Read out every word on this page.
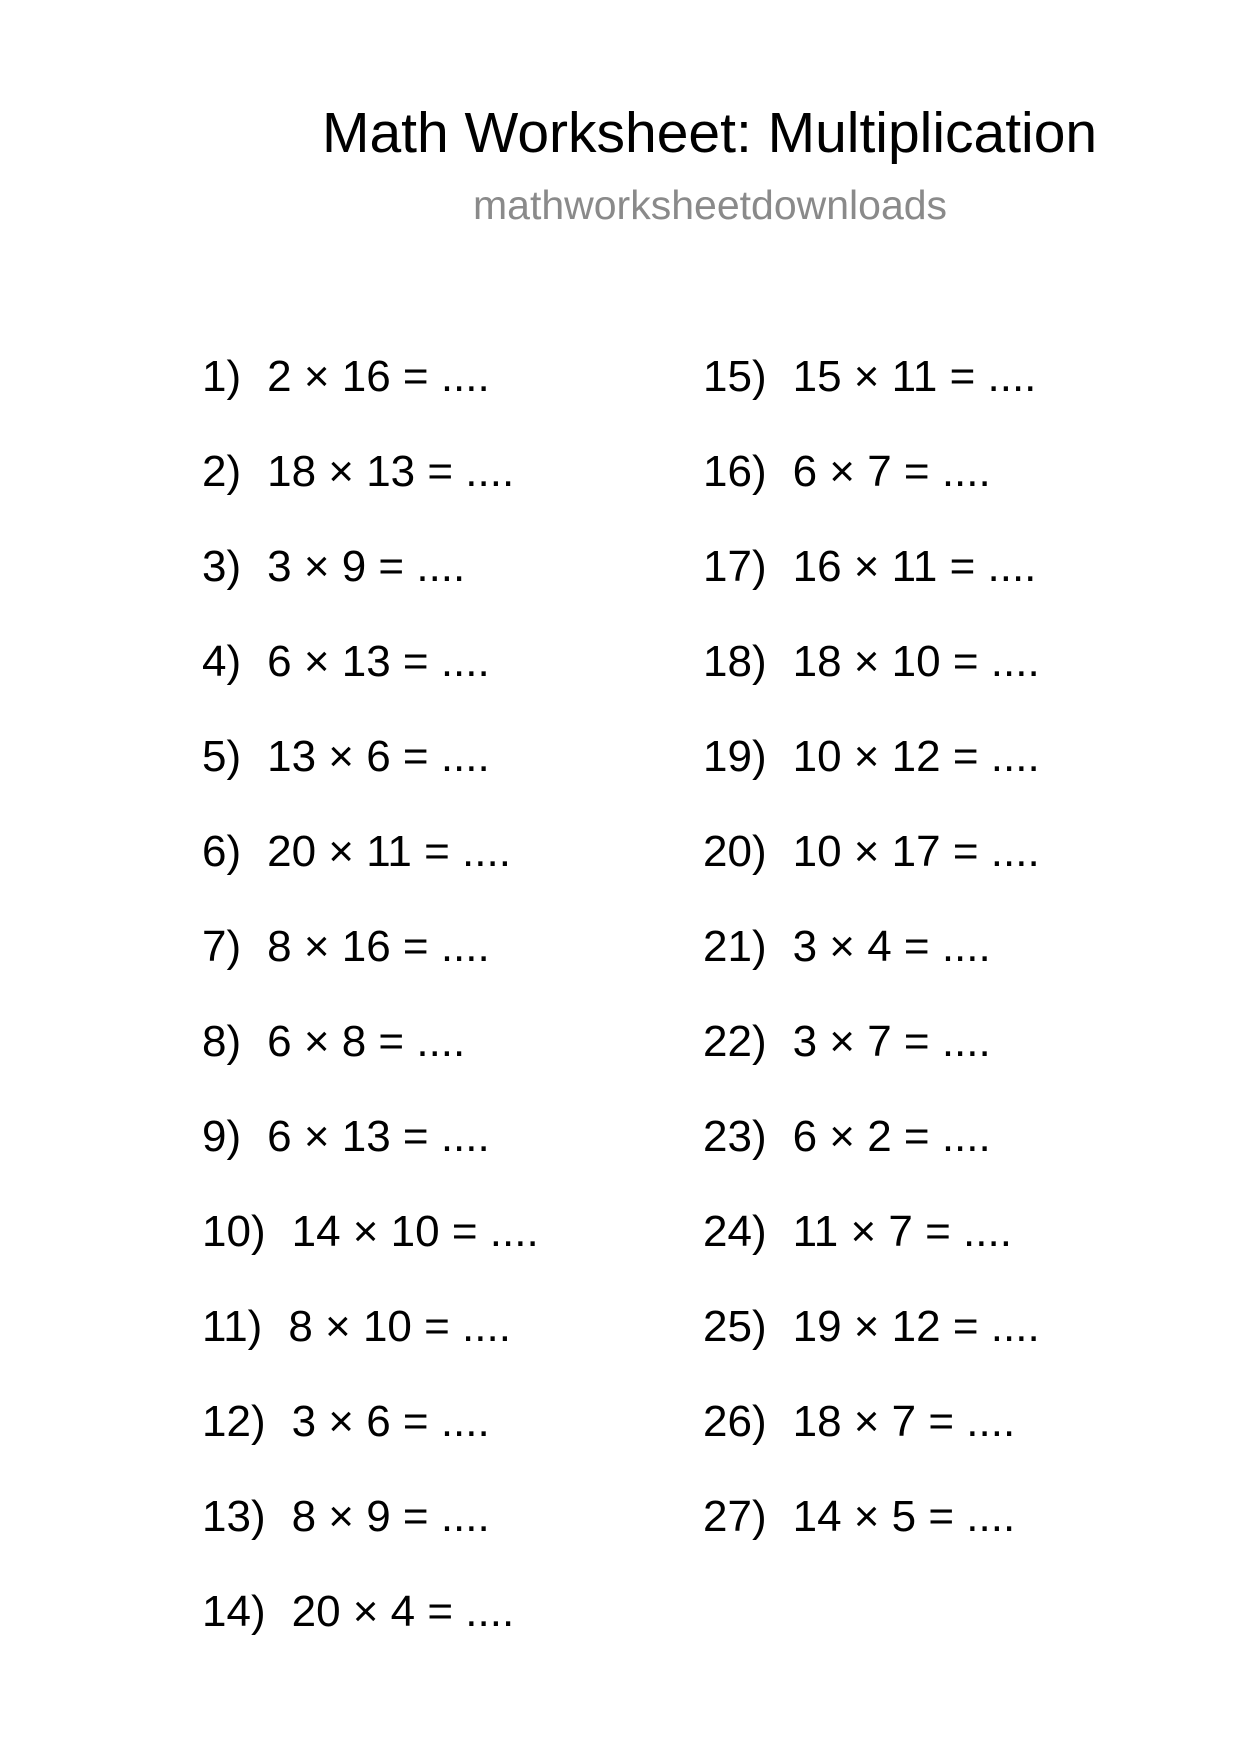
Math Worksheet: Multiplication
mathworksheetdownloads
1) 2 × 16 = ....
2) 18 × 13 = ....
3) 3 × 9 = ....
4) 6 × 13 = ....
5) 13 × 6 = ....
6) 20 × 11 = ....
7) 8 × 16 = ....
8) 6 × 8 = ....
9) 6 × 13 = ....
10) 14 × 10 = ....
11) 8 × 10 = ....
12) 3 × 6 = ....
13) 8 × 9 = ....
14) 20 × 4 = ....
15) 15 × 11 = ....
16) 6 × 7 = ....
17) 16 × 11 = ....
18) 18 × 10 = ....
19) 10 × 12 = ....
20) 10 × 17 = ....
21) 3 × 4 = ....
22) 3 × 7 = ....
23) 6 × 2 = ....
24) 11 × 7 = ....
25) 19 × 12 = ....
26) 18 × 7 = ....
27) 14 × 5 = ....
